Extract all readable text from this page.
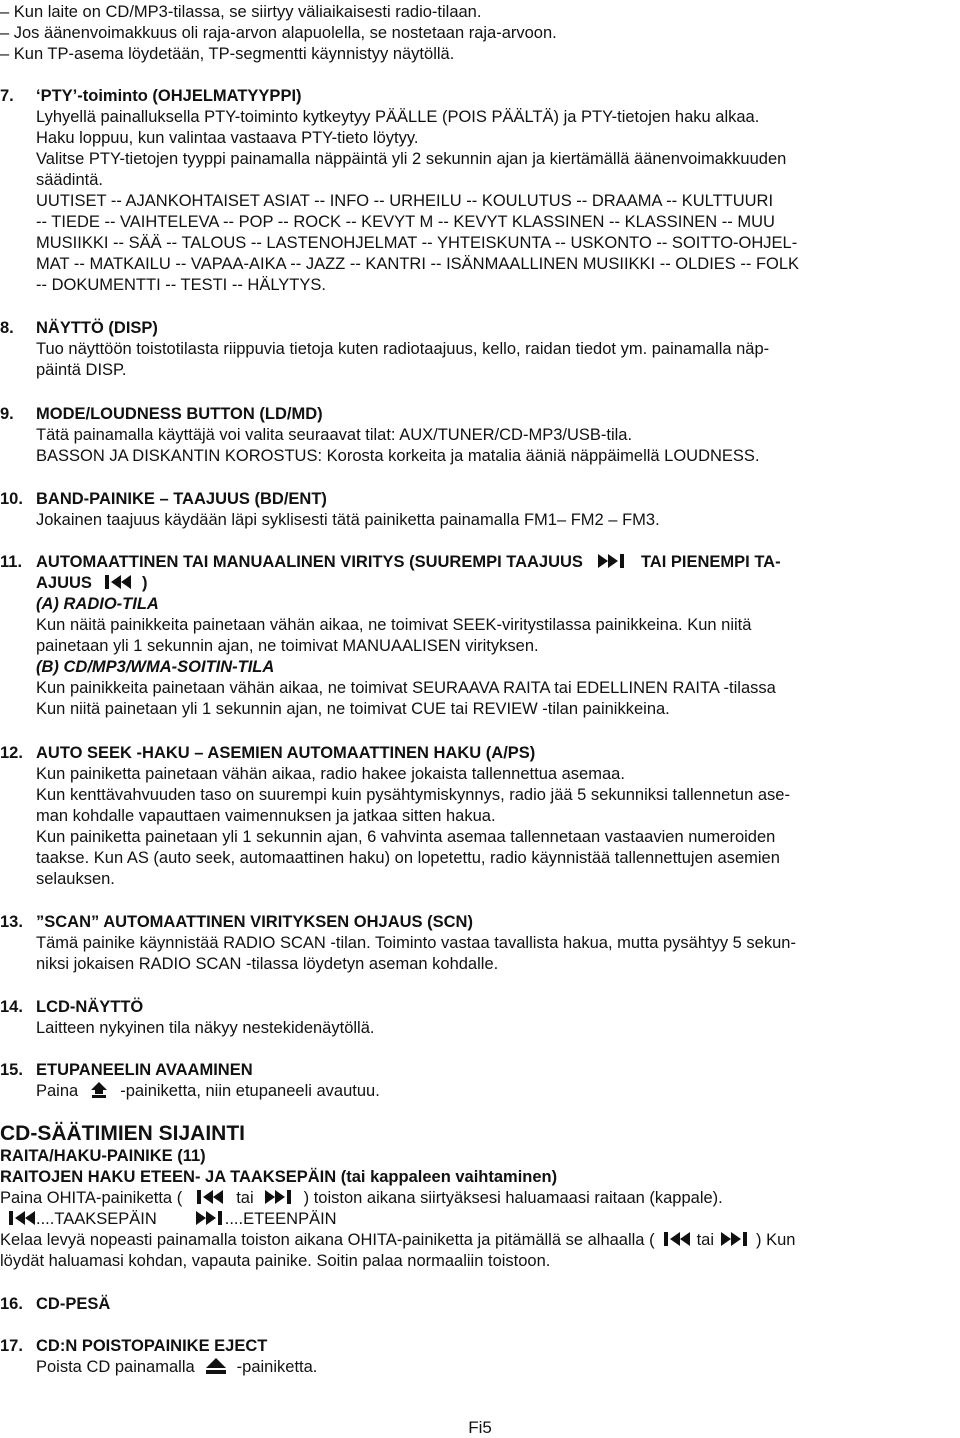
– Kun laite on CD/MP3-tilassa, se siirtyy väliaikaisesti radio-tilaan.
– Jos äänenvoimakkuus oli raja-arvon alapuolella, se nostetaan raja-arvoon.
– Kun TP-asema löydetään, TP-segmentti käynnistyy näytöllä.
7. ‘PTY’-toiminto (OHJELMATYYPPI)
Lyhyellä painalluksella PTY-toiminto kytkeytyy PÄÄLLE (POIS PÄÄLTÄ) ja PTY-tietojen haku alkaa.
Haku loppuu, kun valintaa vastaava PTY-tieto löytyy.
Valitse PTY-tietojen tyyppi painamalla näppäintä yli 2 sekunnin ajan ja kiertämällä äänenvoimakkuuden
säädintä.
UUTISET -- AJANKOHTAISET ASIAT -- INFO -- URHEILU -- KOULUTUS -- DRAAMA -- KULTTUURI
-- TIEDE -- VAIHTELEVA -- POP -- ROCK -- KEVYT M -- KEVYT KLASSINEN -- KLASSINEN -- MUU
MUSIIKKI -- SÄÄ -- TALOUS -- LASTENOHJELMAT -- YHTEISKUNTA -- USKONTO -- SOITTO-OHJEL-
MAT -- MATKAILU -- VAPAA-AIKA -- JAZZ -- KANTRI -- ISÄNMAALLINEN MUSIIKKI -- OLDIES -- FOLK
-- DOKUMENTTI -- TESTI -- HÄLYTYS.
8. NÄYTTÖ (DISP)
Tuo näyttöön toistotilasta riippuvia tietoja kuten radiotaajuus, kello, raidan tiedot ym. painamalla näp-
päintä DISP.
9. MODE/LOUDNESS BUTTON (LD/MD)
Tätä painamalla käyttäjä voi valita seuraavat tilat: AUX/TUNER/CD-MP3/USB-tila.
BASSON JA DISKANTIN KOROSTUS: Korosta korkeita ja matalia ääniä näppäimellä LOUDNESS.
10. BAND-PAINIKE – TAAJUUS (BD/ENT)
Jokainen taajuus käydään läpi syklisesti tätä painiketta painamalla FM1– FM2 – FM3.
11. AUTOMAATTINEN TAI MANUAALINEN VIRITYS (SUUREMPI TAAJUUS	TAI PIENEMPI TA-
AJUUS	)
(A) RADIO-TILA
Kun näitä painikkeita painetaan vähän aikaa, ne toimivat SEEK-viritystilassa painikkeina. Kun niitä
painetaan yli 1 sekunnin ajan, ne toimivat MANUAALISEN virityksen.
(B) CD/MP3/WMA-SOITIN-TILA
Kun painikkeita painetaan vähän aikaa, ne toimivat SEURAAVA RAITA tai EDELLINEN RAITA -tilassa
Kun niitä painetaan yli 1 sekunnin ajan, ne toimivat CUE tai REVIEW -tilan painikkeina.
12. AUTO SEEK -HAKU – ASEMIEN AUTOMAATTINEN HAKU (A/PS)
Kun painiketta painetaan vähän aikaa, radio hakee jokaista tallennettua asemaa.
Kun kenttävahvuuden taso on suurempi kuin pysähtymiskynnys, radio jää 5 sekunniksi tallennetun ase-
man kohdalle vapauttaen vaimennuksen ja jatkaa sitten hakua.
Kun painiketta painetaan yli 1 sekunnin ajan, 6 vahvinta asemaa tallennetaan vastaavien numeroiden
taakse. Kun AS (auto seek, automaattinen haku) on lopetettu, radio käynnistää tallennettujen asemien
selauksen.
13. ”SCAN” AUTOMAATTINEN VIRITYKSEN OHJAUS (SCN)
Tämä painike käynnistää RADIO SCAN -tilan. Toiminto vastaa tavallista hakua, mutta pysähtyy 5 sekun-
niksi jokaisen RADIO SCAN -tilassa löydetyn aseman kohdalle.
14. LCD-NÄYTTÖ
Laitteen nykyinen tila näkyy nestekidenäytöllä.
15. ETUPANEELIN AVAAMINEN
Paina	-painiketta, niin etupaneeli avautuu.
CD-SÄÄTIMIEN SIJAINTI
RAITA/HAKU-PAINIKE (11)
RAITOJEN HAKU ETEEN- JA TAAKSEPÄIN (tai kappaleen vaihtaminen)
Paina OHITA-painiketta (	tai	) toiston aikana siirtyäksesi haluamaasi raitaan (kappale).
....TAAKSEPÄIN	....ETEENPÄIN
Kelaa levyä nopeasti painamalla toiston aikana OHITA-painiketta ja pitämällä se alhaalla (	tai	) Kun
löydät haluamasi kohdan, vapauta painike. Soitin palaa normaaliin toistoon.
16. CD-PESÄ
17. CD:N POISTOPAINIKE EJECT
Poista CD painamalla	-painiketta.
Fi5
